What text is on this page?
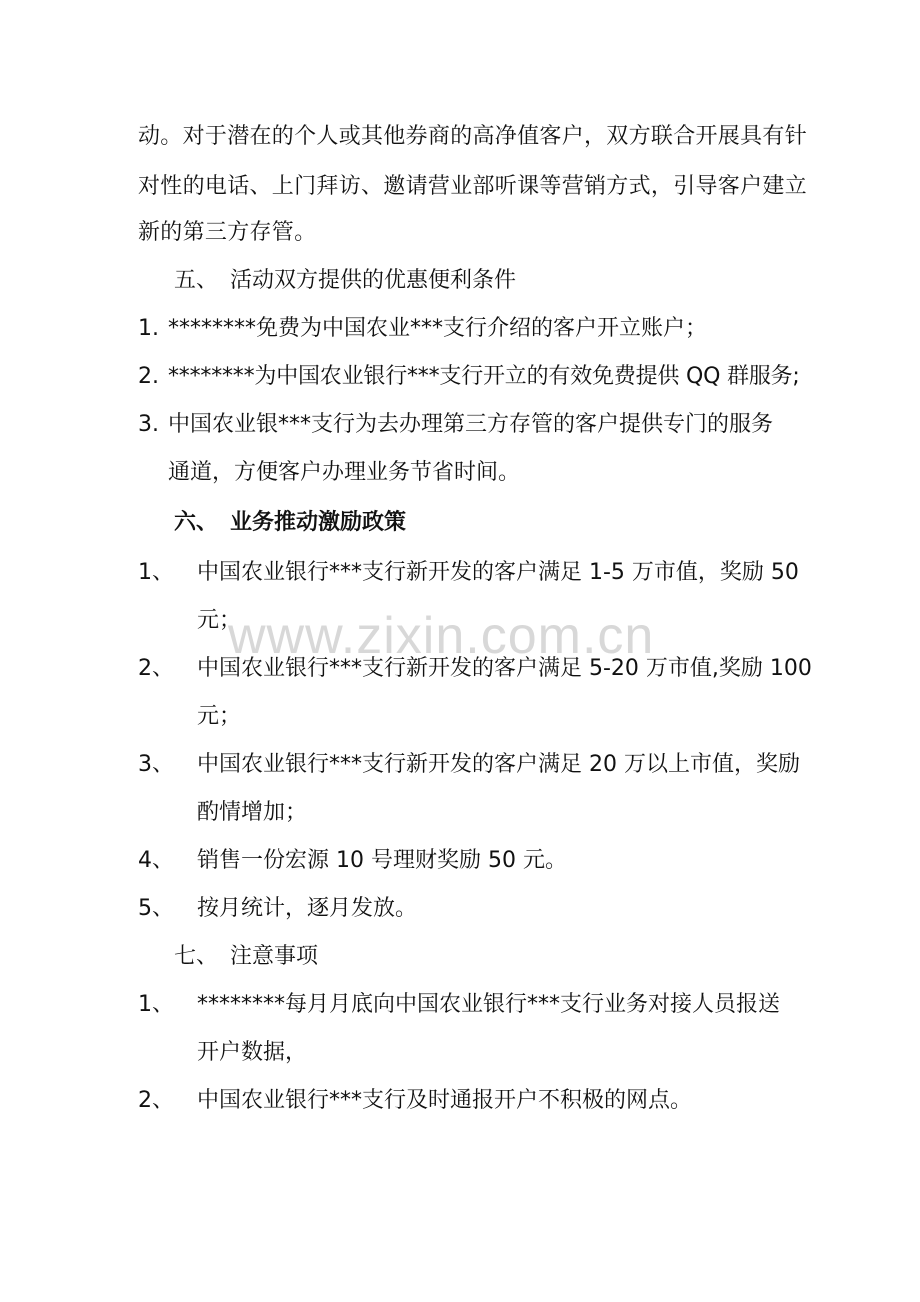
动。对于潜在的个人或其他券商的高净值客户，双方联合开展具有针
对性的电话、上门拜访、邀请营业部听课等营销方式，引导客户建立
新的第三方存管。
五、 活动双方提供的优惠便利条件
1. ********免费为中国农业***支行介绍的客户开立账户；
2. ********为中国农业银行***支行开立的有效免费提供 QQ 群服务;
3. 中国农业银***支行为去办理第三方存管的客户提供专门的服务
通道，方便客户办理业务节省时间。
六、 业务推动激励政策
1、 中国农业银行***支行新开发的客户满足 1-5 万市值，奖励 50
元；
2、 中国农业银行***支行新开发的客户满足 5-20 万市值,奖励 100
元；
3、 中国农业银行***支行新开发的客户满足 20 万以上市值，奖励
酌情增加；
4、 销售一份宏源 10 号理财奖励 50 元。
5、 按月统计，逐月发放。
七、 注意事项
1、 ********每月月底向中国农业银行***支行业务对接人员报送
开户数据，
2、 中国农业银行***支行及时通报开户不积极的网点。
www.zixin.com.cn
